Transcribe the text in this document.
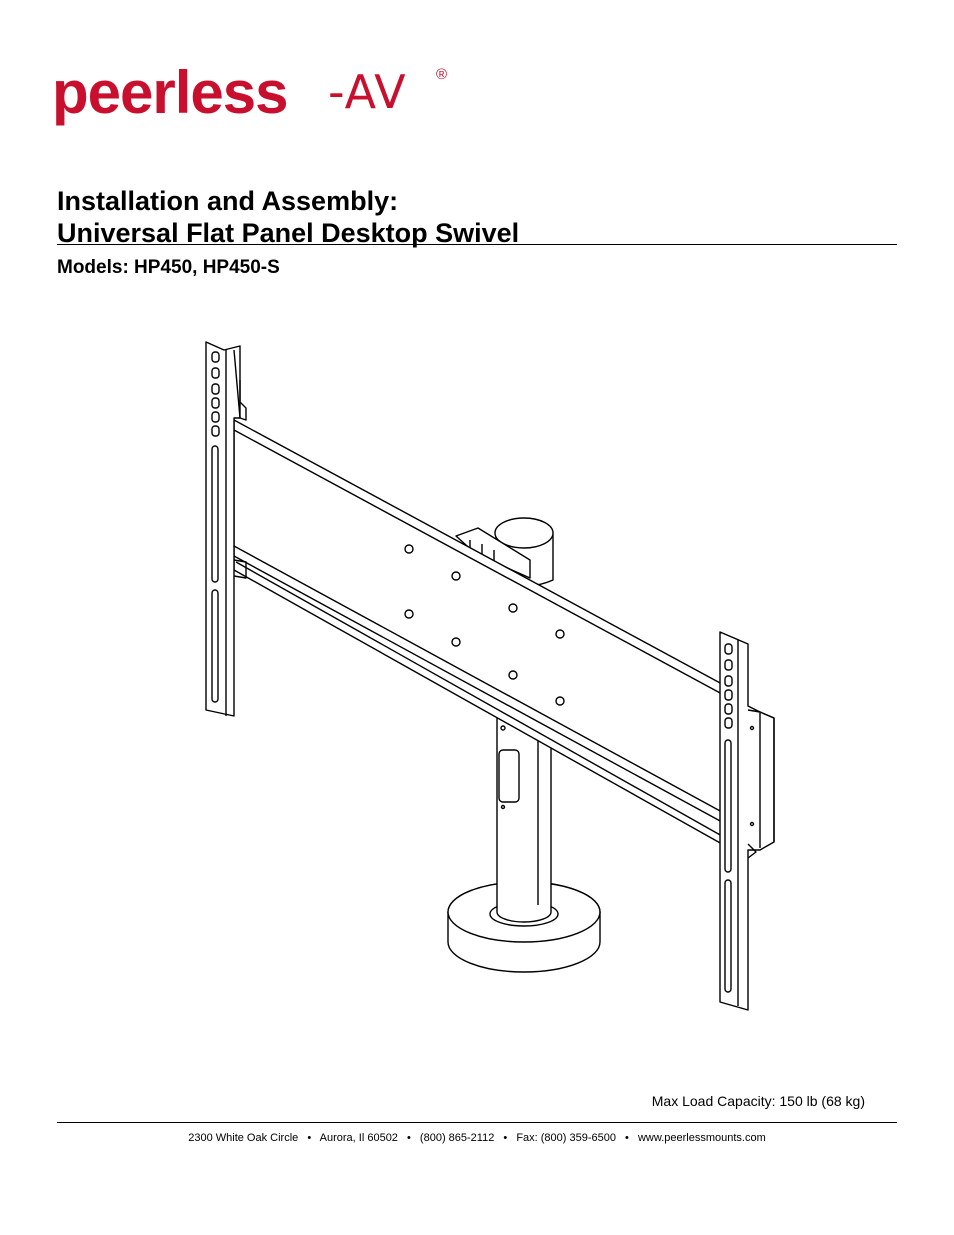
peerless -AV ®
Installation and Assembly:
Universal Flat Panel Desktop Swivel
Models: HP450, HP450-S
Max Load Capacity: 150 lb (68 kg)
2300 White Oak Circle • Aurora, Il 60502 • (800) 865-2112 • Fax: (800) 359-6500 • www.peerlessmounts.com
